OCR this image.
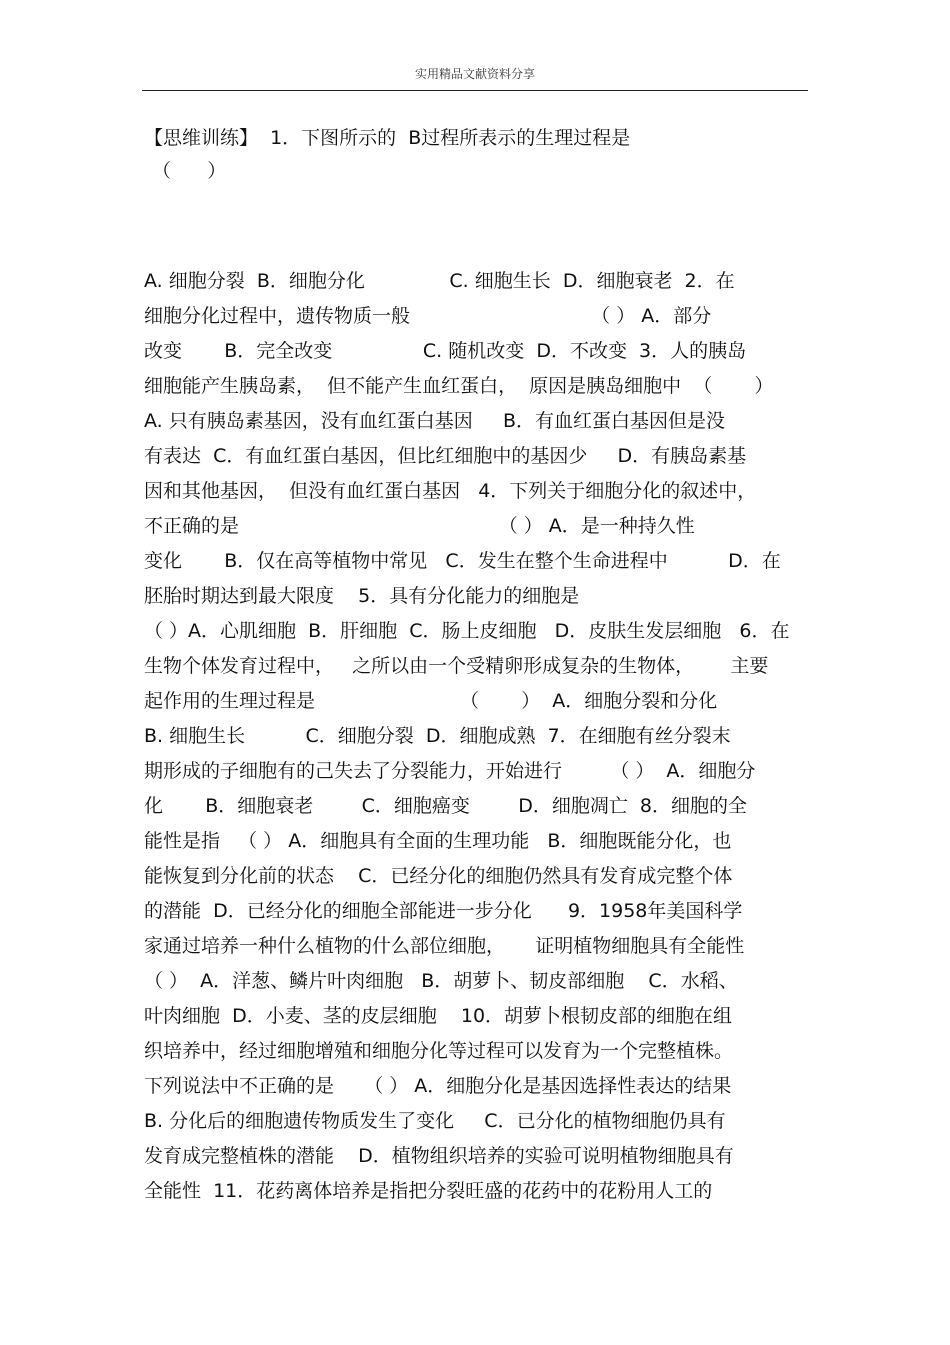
实用精品文献资料分享
【思维训练】  1．下图所示的  B过程所表示的生理过程是
（      ）
A. 细胞分裂  B．细胞分化              C. 细胞生长  D．细胞衰老  2．在
细胞分化过程中，遗传物质一般                              （ ） A．部分
改变       B．完全改变               C. 随机改变  D．不改变  3．人的胰岛
细胞能产生胰岛素，  但不能产生血红蛋白，  原因是胰岛细胞中  （       ）
A. 只有胰岛素基因，没有血红蛋白基因     B．有血红蛋白基因但是没
有表达  C．有血红蛋白基因，但比红细胞中的基因少     D．有胰岛素基
因和其他基因，  但没有血红蛋白基因   4．下列关于细胞分化的叙述中，
不正确的是                                           （ ） A．是一种持久性
变化       B．仅在高等植物中常见   C．发生在整个生命进程中          D．在
胚胎时期达到最大限度    5．具有分化能力的细胞是
（ ）A．心肌细胞  B．肝细胞  C．肠上皮细胞   D．皮肤生发层细胞   6．在
生物个体发育过程中，   之所以由一个受精卵形成复杂的生物体，      主要
起作用的生理过程是                        （       ）  A．细胞分裂和分化
B. 细胞生长          C．细胞分裂  D．细胞成熟  7．在细胞有丝分裂末
期形成的子细胞有的己失去了分裂能力，开始进行        （ ）  A．细胞分
化       B．细胞衰老        C．细胞癌变        D．细胞凋亡  8．细胞的全
能性是指   （ ） A．细胞具有全面的生理功能   B．细胞既能分化，也
能恢复到分化前的状态    C．已经分化的细胞仍然具有发育成完整个体
的潜能  D．已经分化的细胞全部能进一步分化      9．1958年美国科学
家通过培养一种什么植物的什么部位细胞，     证明植物细胞具有全能性
（ ）  A．洋葱、鳞片叶肉细胞   B．胡萝卜、韧皮部细胞    C．水稻、
叶肉细胞  D．小麦、茎的皮层细胞    10．胡萝卜根韧皮部的细胞在组
织培养中，经过细胞增殖和细胞分化等过程可以发育为一个完整植株。
下列说法中不正确的是     （ ） A．细胞分化是基因选择性表达的结果
B. 分化后的细胞遗传物质发生了变化     C．已分化的植物细胞仍具有
发育成完整植株的潜能    D．植物组织培养的实验可说明植物细胞具有
全能性  11．花药离体培养是指把分裂旺盛的花药中的花粉用人工的
